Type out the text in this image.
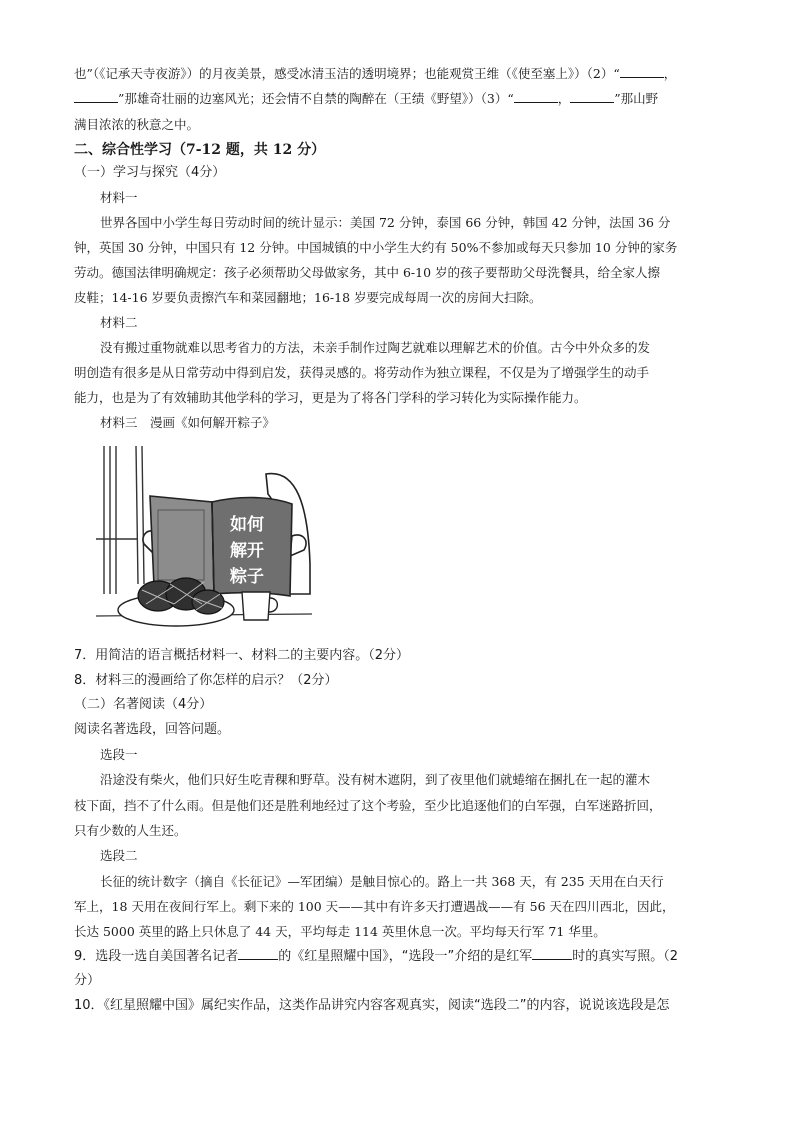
也”（《记承天寺夜游》）的月夜美景，感受冰清玉洁的透明境界；也能观赏王维（《使至塞上》）（2）“	，
”那雄奇壮丽的边塞风光；还会情不自禁的陶醉在（王绩《野望》）（3）“	，	”那山野
满目浓浓的秋意之中。
二、综合性学习（7-12 题，共 12 分）
（一）学习与探究（4分）
材料一
世界各国中小学生每日劳动时间的统计显示：美国 72 分钟，泰国 66 分钟，韩国 42 分钟，法国 36 分
钟，英国 30 分钟，中国只有 12 分钟。中国城镇的中小学生大约有 50%不参加或每天只参加 10 分钟的家务
劳动。德国法律明确规定：孩子必须帮助父母做家务，其中 6-10 岁的孩子要帮助父母洗餐具，给全家人擦
皮鞋；14-16 岁要负责擦汽车和菜园翻地；16-18 岁要完成每周一次的房间大扫除。
材料二
没有搬过重物就难以思考省力的方法，未亲手制作过陶艺就难以理解艺术的价值。古今中外众多的发
明创造有很多是从日常劳动中得到启发，获得灵感的。将劳动作为独立课程，不仅是为了增强学生的动手
能力，也是为了有效辅助其他学科的学习，更是为了将各门学科的学习转化为实际操作能力。
材料三　漫画《如何解开粽子》
如何
解开
粽子
7．用简洁的语言概括材料一、材料二的主要内容。（2分）
8．材料三的漫画给了你怎样的启示？（2分）
（二）名著阅读（4分）
阅读名著选段，回答问题。
选段一
沿途没有柴火，他们只好生吃青稞和野草。没有树木遮阴，到了夜里他们就蜷缩在捆扎在一起的灌木
枝下面，挡不了什么雨。但是他们还是胜利地经过了这个考验，至少比追逐他们的白军强，白军迷路折回，
只有少数的人生还。
选段二
长征的统计数字（摘自《长征记》—军团编）是触目惊心的。路上一共 368 天，有 235 天用在白天行
军上，18 天用在夜间行军上。剩下来的 100 天——其中有许多天打遭遇战——有 56 天在四川西北，因此，
长达 5000 英里的路上只休息了 44 天，平均每走 114 英里休息一次。平均每天行军 71 华里。
9．选段一选自美国著名记者	的《红星照耀中国》，“选段一”介绍的是红军	时的真实写照。（2
分）
10．《红星照耀中国》属纪实作品，这类作品讲究内容客观真实，阅读“选段二”的内容，说说该选段是怎
